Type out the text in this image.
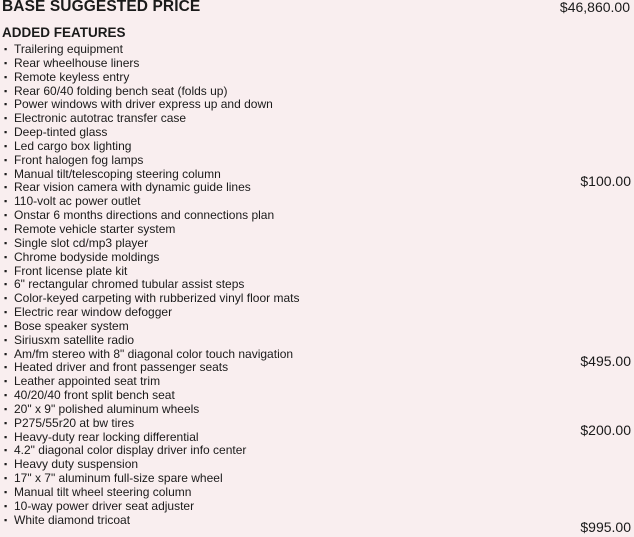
BASE SUGGESTED PRICE	$46,860.00
ADDED FEATURES
▪ Trailering equipment
▪ Rear wheelhouse liners
▪ Remote keyless entry
▪ Rear 60/40 folding bench seat (folds up)
▪ Power windows with driver express up and down
▪ Electronic autotrac transfer case
▪ Deep-tinted glass
▪ Led cargo box lighting
▪ Front halogen fog lamps
▪ Manual tilt/telescoping steering column	$100.00
▪ Rear vision camera with dynamic guide lines
▪ 110-volt ac power outlet
▪ Onstar 6 months directions and connections plan
▪ Remote vehicle starter system
▪ Single slot cd/mp3 player
▪ Chrome bodyside moldings
▪ Front license plate kit
▪ 6" rectangular chromed tubular assist steps
▪ Color-keyed carpeting with rubberized vinyl floor mats
▪ Electric rear window defogger
▪ Bose speaker system
▪ Siriusxm satellite radio
▪ Am/fm stereo with 8" diagonal color touch navigation	$495.00
▪ Heated driver and front passenger seats
▪ Leather appointed seat trim
▪ 40/20/40 front split bench seat
▪ 20" x 9" polished aluminum wheels
▪ P275/55r20 at bw tires	$200.00
▪ Heavy-duty rear locking differential
▪ 4.2" diagonal color display driver info center
▪ Heavy duty suspension
▪ 17" x 7" aluminum full-size spare wheel
▪ Manual tilt wheel steering column
▪ 10-way power driver seat adjuster
▪ White diamond tricoat	$995.00
